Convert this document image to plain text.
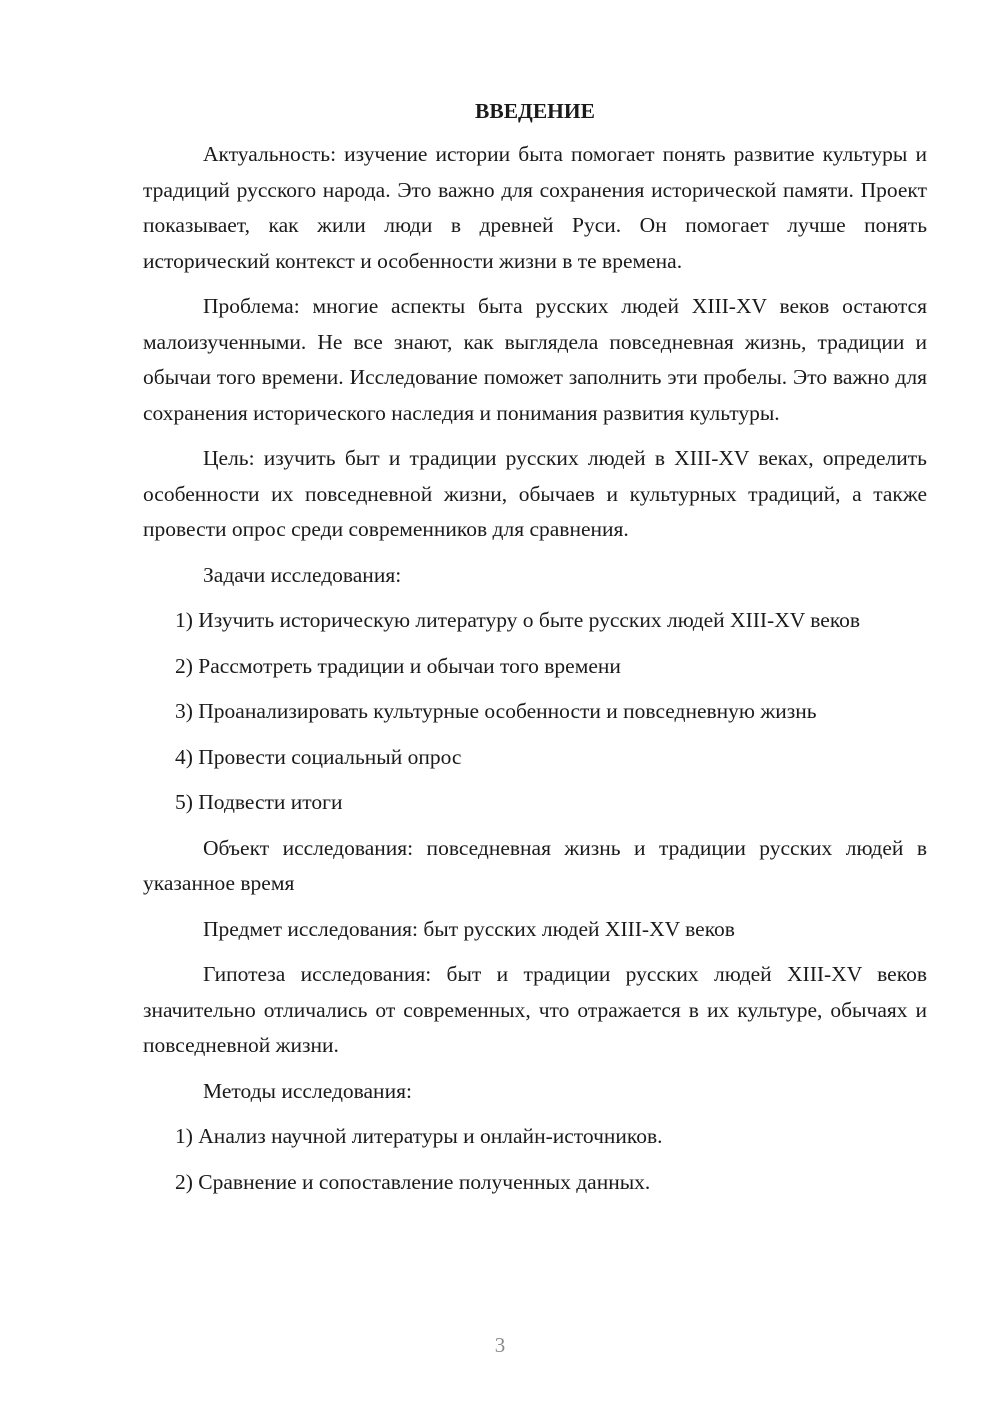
ВВЕДЕНИЕ

Актуальность: изучение истории быта помогает понять развитие культуры и традиций русского народа. Это важно для сохранения исторической памяти. Проект показывает, как жили люди в древней Руси. Он помогает лучше понять исторический контекст и особенности жизни в те времена.

Проблема: многие аспекты быта русских людей XIII-XV веков остаются малоизученными. Не все знают, как выглядела повседневная жизнь, традиции и обычаи того времени. Исследование поможет заполнить эти пробелы. Это важно для сохранения исторического наследия и понимания развития культуры.

Цель: изучить быт и традиции русских людей в XIII-XV веках, определить особенности их повседневной жизни, обычаев и культурных традиций, а также провести опрос среди современников для сравнения.

Задачи исследования:

1) Изучить историческую литературу о быте русских людей XIII-XV веков

2) Рассмотреть традиции и обычаи того времени

3) Проанализировать культурные особенности и повседневную жизнь

4) Провести социальный опрос

5) Подвести итоги

Объект исследования: повседневная жизнь и традиции русских людей в указанное время

Предмет исследования: быт русских людей XIII-XV веков

Гипотеза исследования: быт и традиции русских людей XIII-XV веков значительно отличались от современных, что отражается в их культуре, обычаях и повседневной жизни.

Методы исследования:

1) Анализ научной литературы и онлайн-источников.

2) Сравнение и сопоставление полученных данных.

3
